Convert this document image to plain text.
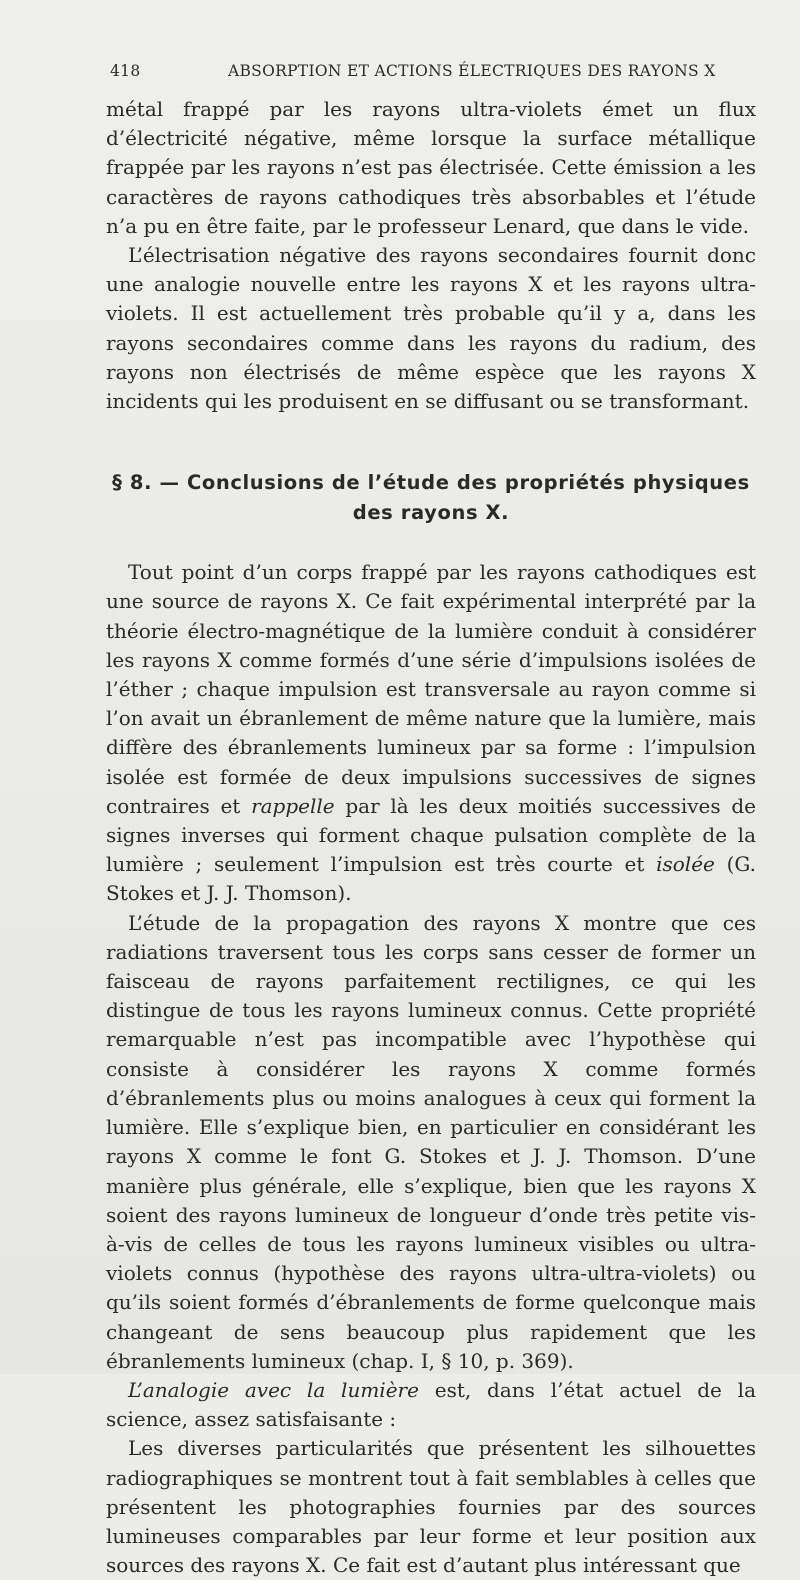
418	ABSORPTION ET ACTIONS ÉLECTRIQUES DES RAYONS X

métal frappé par les rayons ultra-violets émet un flux d’électricité négative, même lorsque la surface métallique frappée par les rayons n’est pas électrisée. Cette émission a les caractères de rayons cathodiques très absorbables et l’étude n’a pu en être faite, par le professeur Lenard, que dans le vide.

L’électrisation négative des rayons secondaires fournit donc une analogie nouvelle entre les rayons X et les rayons ultra-violets. Il est actuellement très probable qu’il y a, dans les rayons secondaires comme dans les rayons du radium, des rayons non électrisés de même espèce que les rayons X incidents qui les produisent en se diffusant ou se transformant.

§ 8. — Conclusions de l’étude des propriétés physiques
des rayons X.

Tout point d’un corps frappé par les rayons cathodiques est une source de rayons X. Ce fait expérimental interprété par la théorie électro-magnétique de la lumière conduit à considérer les rayons X comme formés d’une série d’impulsions isolées de l’éther ; chaque impulsion est transversale au rayon comme si l’on avait un ébranlement de même nature que la lumière, mais diffère des ébranlements lumineux par sa forme : l’impulsion isolée est formée de deux impulsions successives de signes contraires et rappelle par là les deux moitiés successives de signes inverses qui forment chaque pulsation complète de la lumière ; seulement l’impulsion est très courte et isolée (G. Stokes et J. J. Thomson).

L’étude de la propagation des rayons X montre que ces radiations traversent tous les corps sans cesser de former un faisceau de rayons parfaitement rectilignes, ce qui les distingue de tous les rayons lumineux connus. Cette propriété remarquable n’est pas incompatible avec l’hypothèse qui consiste à considérer les rayons X comme formés d’ébranlements plus ou moins analogues à ceux qui forment la lumière. Elle s’explique bien, en particulier en considérant les rayons X comme le font G. Stokes et J. J. Thomson. D’une manière plus générale, elle s’explique, bien que les rayons X soient des rayons lumineux de longueur d’onde très petite vis-à-vis de celles de tous les rayons lumineux visibles ou ultra-violets connus (hypothèse des rayons ultra-ultra-violets) ou qu’ils soient formés d’ébranlements de forme quelconque mais changeant de sens beaucoup plus rapidement que les ébranlements lumineux (chap. I, § 10, p. 369).

L’analogie avec la lumière est, dans l’état actuel de la science, assez satisfaisante :

Les diverses particularités que présentent les silhouettes radiographiques se montrent tout à fait semblables à celles que présentent les photographies fournies par des sources lumineuses comparables par leur forme et leur position aux sources des rayons X. Ce fait est d’autant plus intéressant que
